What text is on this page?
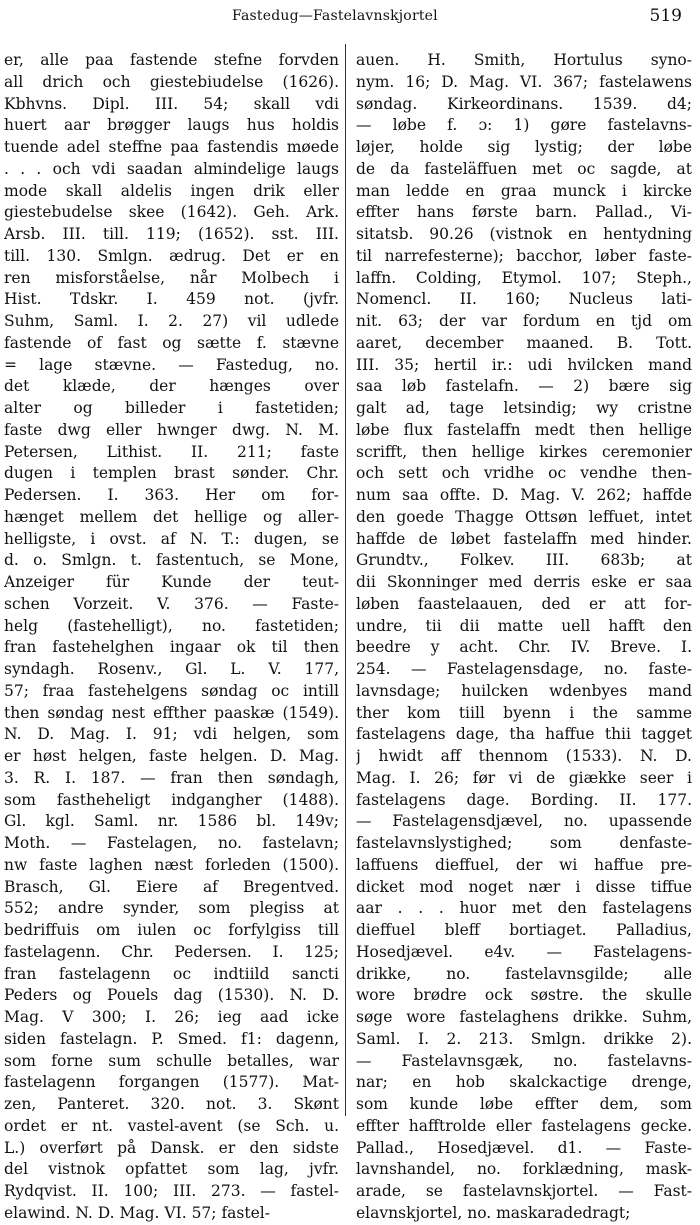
Fastedug—Fastelavnskjortel	519
er, alle paa fastende stefne forvden
all drich och giestebiudelse (1626).
Kbhvns. Dipl. III. 54; skall vdi
huert aar brøgger laugs hus holdis
tuende adel steffne paa fastendis møede
. . . och vdi saadan almindelige laugs
mode skall aldelis ingen drik eller
giestebudelse skee (1642). Geh. Ark.
Arsb. III. till. 119; (1652). sst. III.
till. 130. Smlgn. ædrug. Det er en
ren misforståelse, når Molbech i
Hist. Tdskr. I. 459 not. (jvfr.
Suhm, Saml. I. 2. 27) vil udlede
fastende of fast og sætte f. stævne
= lage stævne. — Fastedug, no.
det klæde, der hænges over
alter og billeder i fastetiden;
faste dwg eller hwnger dwg. N. M.
Petersen, Lithist. II. 211; faste
dugen i templen brast sønder. Chr.
Pedersen. I. 363. Her om for-
hænget mellem det hellige og aller-
helligste, i ovst. af N. T.: dugen, se
d. o. Smlgn. t. fastentuch, se Mone,
Anzeiger für Kunde der teut-
schen Vorzeit. V. 376. — Faste-
helg (fastehelligt), no. fastetiden;
fran fastehelghen ingaar ok til then
syndagh. Rosenv., Gl. L. V. 177,
57; fraa fastehelgens søndag oc intill
then søndag nest effther paaskæ (1549).
N. D. Mag. I. 91; vdi helgen, som
er høst helgen, faste helgen. D. Mag.
3. R. I. 187. — fran then søndagh,
som fastheheligt indgangher (1488).
Gl. kgl. Saml. nr. 1586 bl. 149v;
Moth. — Fastelagen, no. fastelavn;
nw faste laghen næst forleden (1500).
Brasch, Gl. Eiere af Bregentved.
552; andre synder, som plegiss at
bedriffuis om iulen oc forfylgiss till
fastelagenn. Chr. Pedersen. I. 125;
fran fastelagenn oc indtiild sancti
Peders og Pouels dag (1530). N. D.
Mag. V 300; I. 26; ieg aad icke
siden fastelagn. P. Smed. f1: dagenn,
som forne sum schulle betalles, war
fastelagenn forgangen (1577). Mat-
zen, Panteret. 320. not. 3. Skønt
ordet er nt. vastel-avent (se Sch. u.
L.) overført på Dansk. er den sidste
del vistnok opfattet som lag, jvfr.
Rydqvist. II. 100; III. 273. — fastel-
elawind. N. D. Mag. VI. 57; fastel-
auen. H. Smith, Hortulus syno-
nym. 16; D. Mag. VI. 367; fastelawens
søndag. Kirkeordinans. 1539. d4;
— løbe f. ɔ: 1) gøre fastelavns-
løjer, holde sig lystig; der løbe
de da fasteläffuen met oc sagde, at
man ledde en graa munck i kircke
effter hans første barn. Pallad., Vi-
sitatsb. 90.26 (vistnok en hentydning
til narrefesterne); bacchor, løber faste-
laffn. Colding, Etymol. 107; Steph.,
Nomencl. II. 160; Nucleus lati-
nit. 63; der var fordum en tjd om
aaret, december maaned. B. Tott.
III. 35; hertil ir.: udi hvilcken mand
saa løb fastelafn. — 2) bære sig
galt ad, tage letsindig; wy cristne
løbe flux fastelaffn medt then hellige
scrifft, then hellige kirkes ceremonier
och sett och vridhe oc vendhe then-
num saa offte. D. Mag. V. 262; haffde
den goede Thagge Ottsøn leffuet, intet
haffde de løbet fastelaffn med hinder.
Grundtv., Folkev. III. 683b; at
dii Skonninger med derris eske er saa
løben faastelaauen, ded er att for-
undre, tii dii matte uell hafft den
beedre y acht. Chr. IV. Breve. I.
254. — Fastelagensdage, no. faste-
lavnsdage; huilcken wdenbyes mand
ther kom tiill byenn i the samme
fastelagens dage, tha haffue thii tagget
j hwidt aff thennom (1533). N. D.
Mag. I. 26; før vi de giække seer i
fastelagens dage. Bording. II. 177.
— Fastelagensdjævel, no. upassende
fastelavnslystighed; som denfaste-
laffuens dieffuel, der wi haffue pre-
dicket mod noget nær i disse tiffue
aar . . . huor met den fastelagens
dieffuel bleff bortiaget. Palladius,
Hosedjævel. e4v. — Fastelagens-
drikke, no. fastelavnsgilde; alle
wore brødre ock søstre. the skulle
søge wore fastelaghens drikke. Suhm,
Saml. I. 2. 213. Smlgn. drikke 2).
— Fastelavnsgæk, no. fastelavns-
nar; en hob skalckactige drenge,
som kunde løbe effter dem, som
effter hafftrolde eller fastelagens gecke.
Pallad., Hosedjævel. d1. — Faste-
lavnshandel, no. forklædning, mask-
arade, se fastelavnskjortel. — Fast-
elavnskjortel, no. maskaradedragt;
